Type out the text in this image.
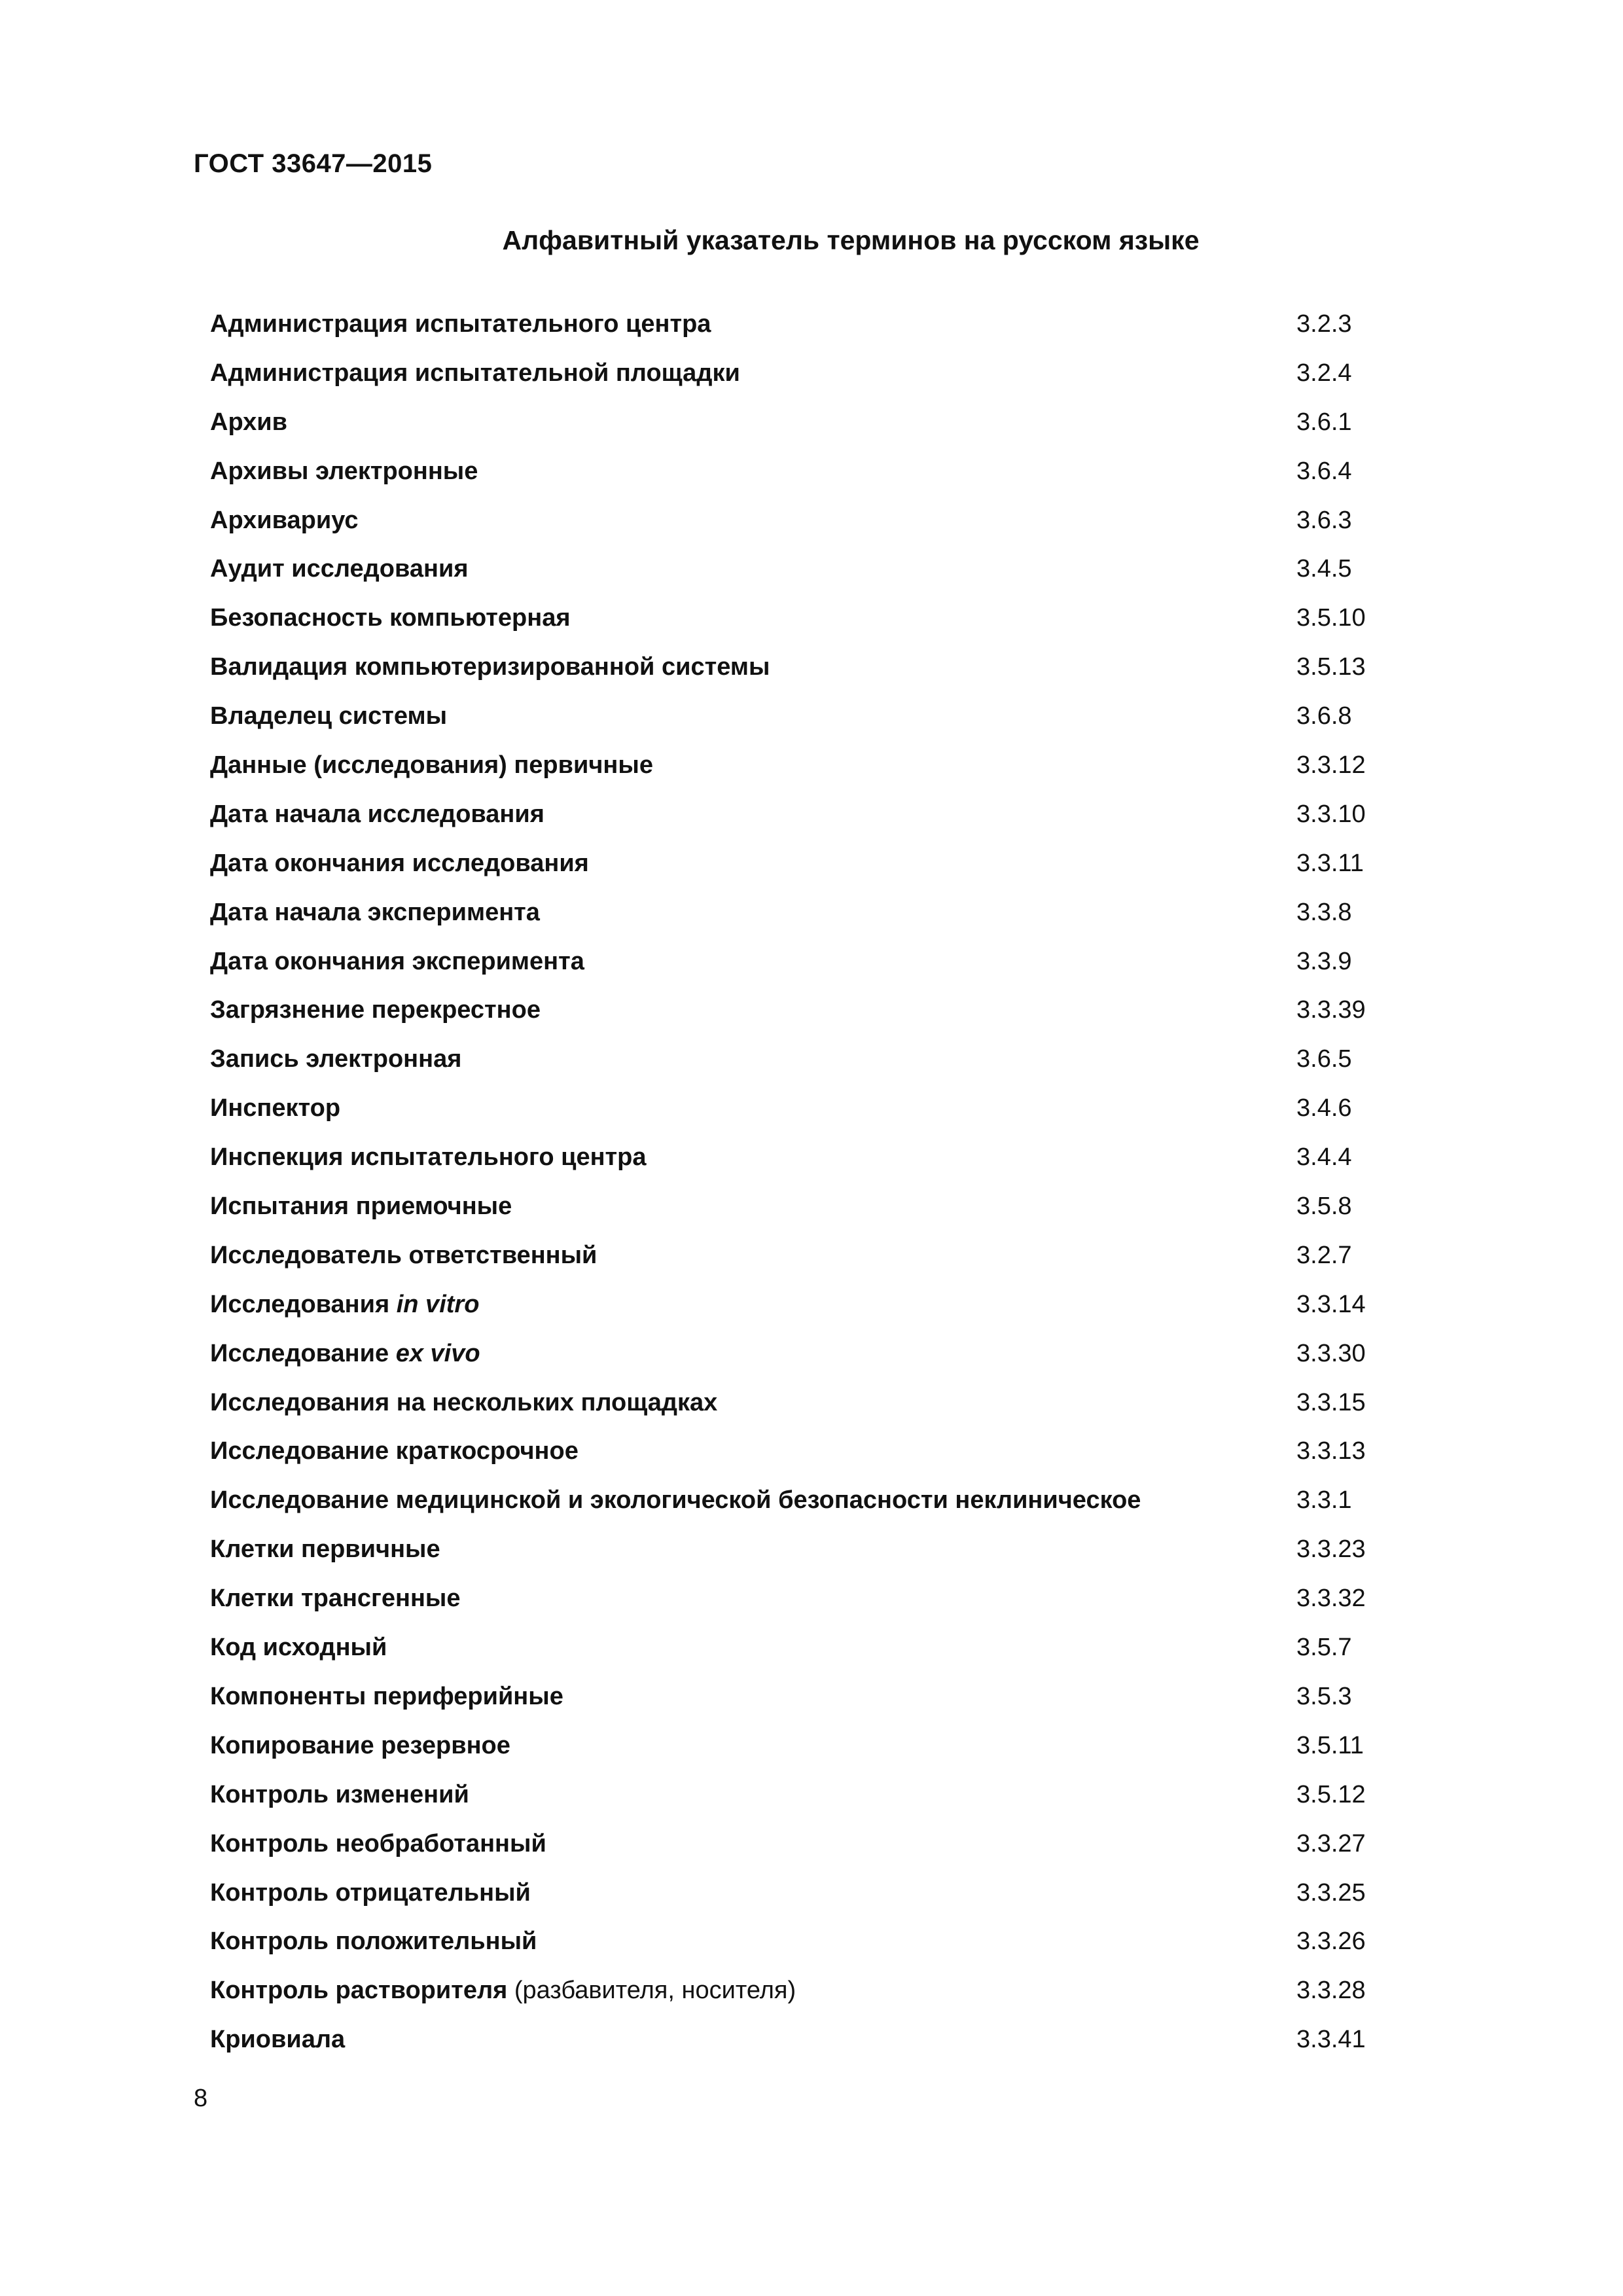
ГОСТ 33647—2015
Алфавитный указатель терминов на русском языке
Администрация испытательного центра	3.2.3
Администрация испытательной площадки	3.2.4
Архив	3.6.1
Архивы электронные	3.6.4
Архивариус	3.6.3
Аудит исследования	3.4.5
Безопасность компьютерная	3.5.10
Валидация компьютеризированной системы	3.5.13
Владелец системы	3.6.8
Данные (исследования) первичные	3.3.12
Дата начала исследования	3.3.10
Дата окончания исследования	3.3.11
Дата начала эксперимента	3.3.8
Дата окончания эксперимента	3.3.9
Загрязнение перекрестное	3.3.39
Запись электронная	3.6.5
Инспектор	3.4.6
Инспекция испытательного центра	3.4.4
Испытания приемочные	3.5.8
Исследователь ответственный	3.2.7
Исследования in vitro	3.3.14
Исследование ex vivo	3.3.30
Исследования на нескольких площадках	3.3.15
Исследование краткосрочное	3.3.13
Исследование медицинской и экологической безопасности неклиническое	3.3.1
Клетки первичные	3.3.23
Клетки трансгенные	3.3.32
Код исходный	3.5.7
Компоненты периферийные	3.5.3
Копирование резервное	3.5.11
Контроль изменений	3.5.12
Контроль необработанный	3.3.27
Контроль отрицательный	3.3.25
Контроль положительный	3.3.26
Контроль растворителя (разбавителя, носителя)	3.3.28
Криовиала	3.3.41
8
